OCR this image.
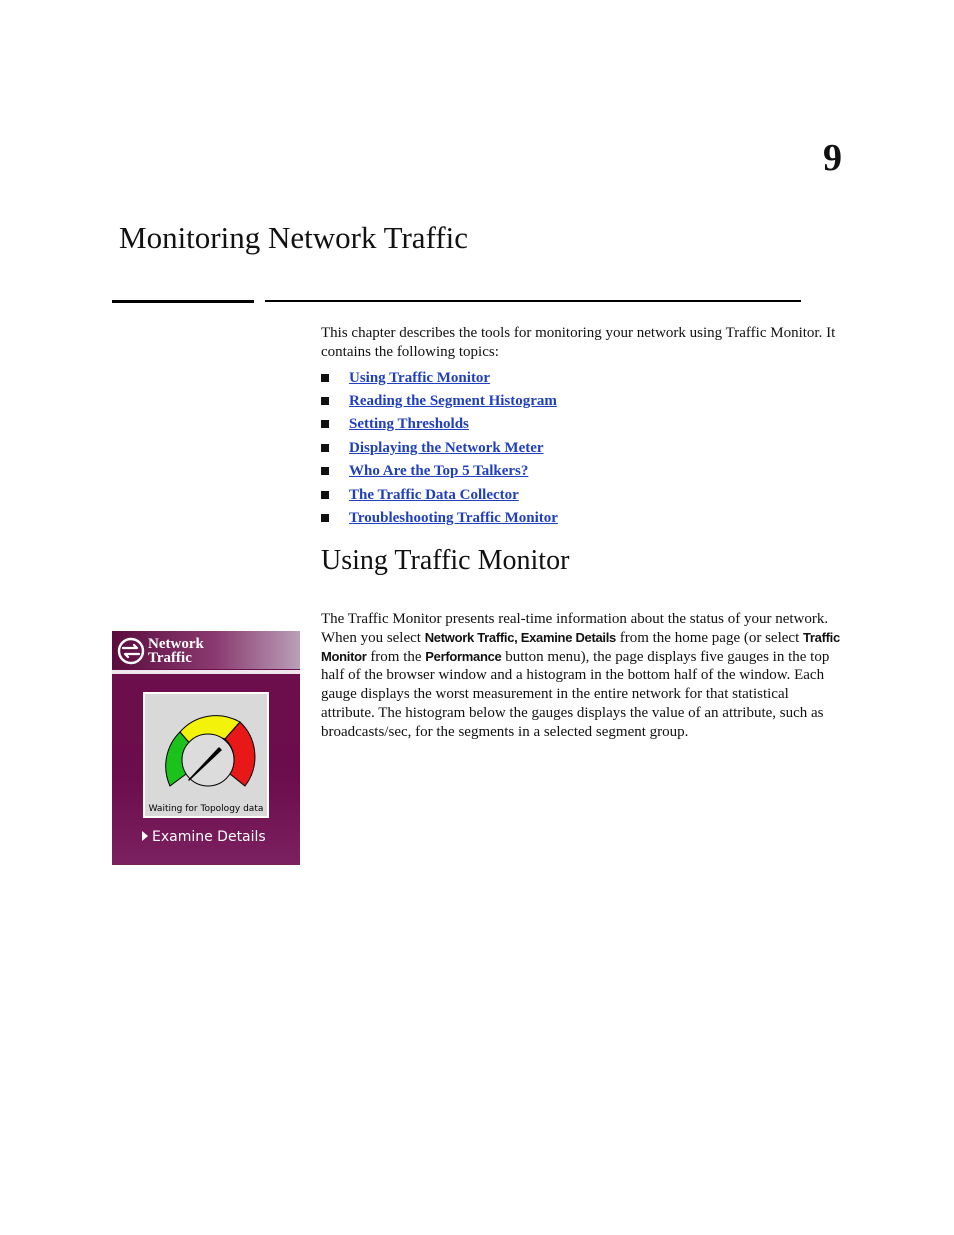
9
Monitoring Network Traffic

This chapter describes the tools for monitoring your network using Traffic Monitor. It contains the following topics:

Using Traffic Monitor
Reading the Segment Histogram
Setting Thresholds
Displaying the Network Meter
Who Are the Top 5 Talkers?
The Traffic Data Collector
Troubleshooting Traffic Monitor
Using Traffic Monitor

The Traffic Monitor presents real-time information about the status of your network. When you select Network Traffic, Examine Details from the home page (or select Traffic Monitor from the Performance button menu), the page displays five gauges in the top half of the browser window and a histogram in the bottom half of the window. Each gauge displays the worst measurement in the entire network for that statistical attribute. The histogram below the gauges displays the value of an attribute, such as broadcasts/sec, for the segments in a selected segment group.

Network
Traffic
Waiting for Topology data
Examine Details
